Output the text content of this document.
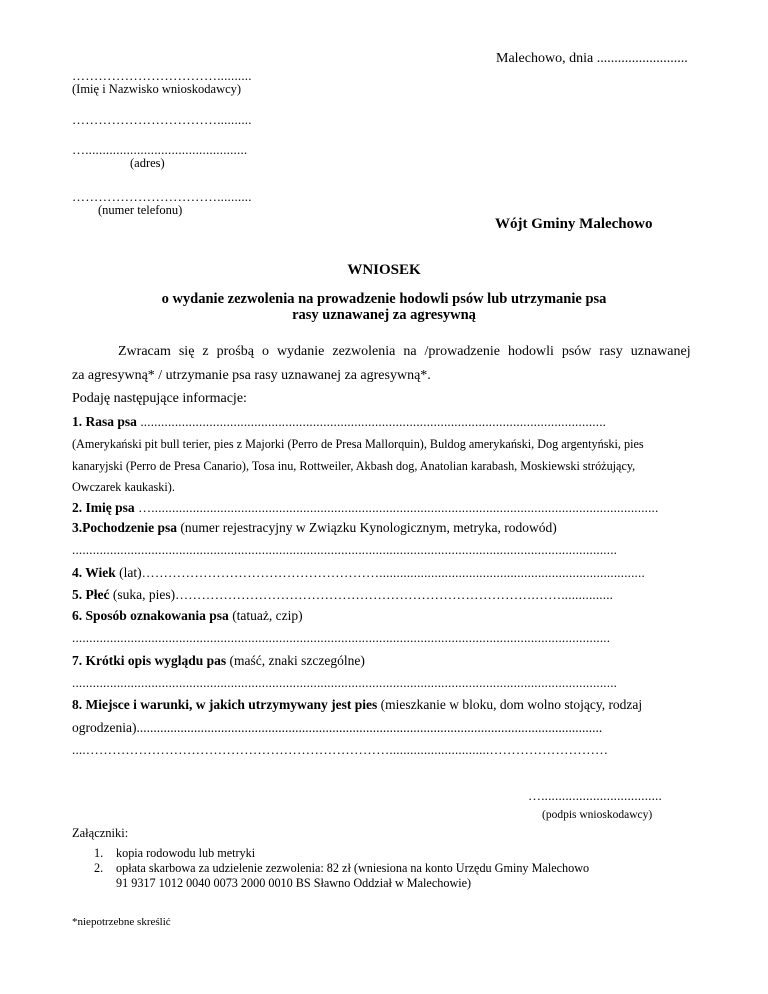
Malechowo, dnia ..........................
……………………………..........
(Imię i Nazwisko wnioskodawcy)
……………………………..........
…...............................................
(adres)
……………………………..........
(numer telefonu)
Wójt Gminy Malechowo
WNIOSEK
o wydanie zezwolenia na prowadzenie hodowli psów lub utrzymanie psa
rasy uznawanej za agresywną
Zwracam się z prośbą o wydanie zezwolenia na /prowadzenie hodowli psów rasy uznawanej
za agresywną* / utrzymanie psa rasy uznawanej za agresywną*.
Podaję następujące informacje:
1. Rasa psa .......................................................................................................................................
(Amerykański pit bull terier, pies z Majorki (Perro de Presa Mallorquin), Buldog amerykański, Dog argentyński, pies
kanaryjski (Perro de Presa Canario), Tosa inu, Rottweiler, Akbash dog, Anatolian karabash, Moskiewski stróżujący,
Owczarek kaukaski).
2. Imię psa …...................................................................................................................................................
3.Pochodzenie psa (numer rejestracyjny w Związku Kynologicznym, metryka, rodowód)
..............................................................................................................................................................
4. Wiek (lat)……………………………………………….............................................................................
5. Płeć (suka, pies)……………………………………………………………………….……...............
6. Sposób oznakowania psa (tatuaż, czip)
............................................................................................................................................................
7. Krótki opis wyglądu pas (maść, znaki szczególne)
..............................................................................................................................................................
8. Miejsce i warunki, w jakich utrzymywany jest pies (mieszkanie w bloku, dom wolno stojący, rodzaj
ogrodzenia)..........................................................................................................................................
....…………………………………………………………….............................………………………
…...................................
(podpis wnioskodawcy)
Załączniki:
1. kopia rodowodu lub metryki
2. opłata skarbowa za udzielenie zezwolenia: 82 zł (wniesiona na konto Urzędu Gminy Malechowo
91 9317 1012 0040 0073 2000 0010 BS Sławno Oddział w Malechowie)
*niepotrzebne skreślić
